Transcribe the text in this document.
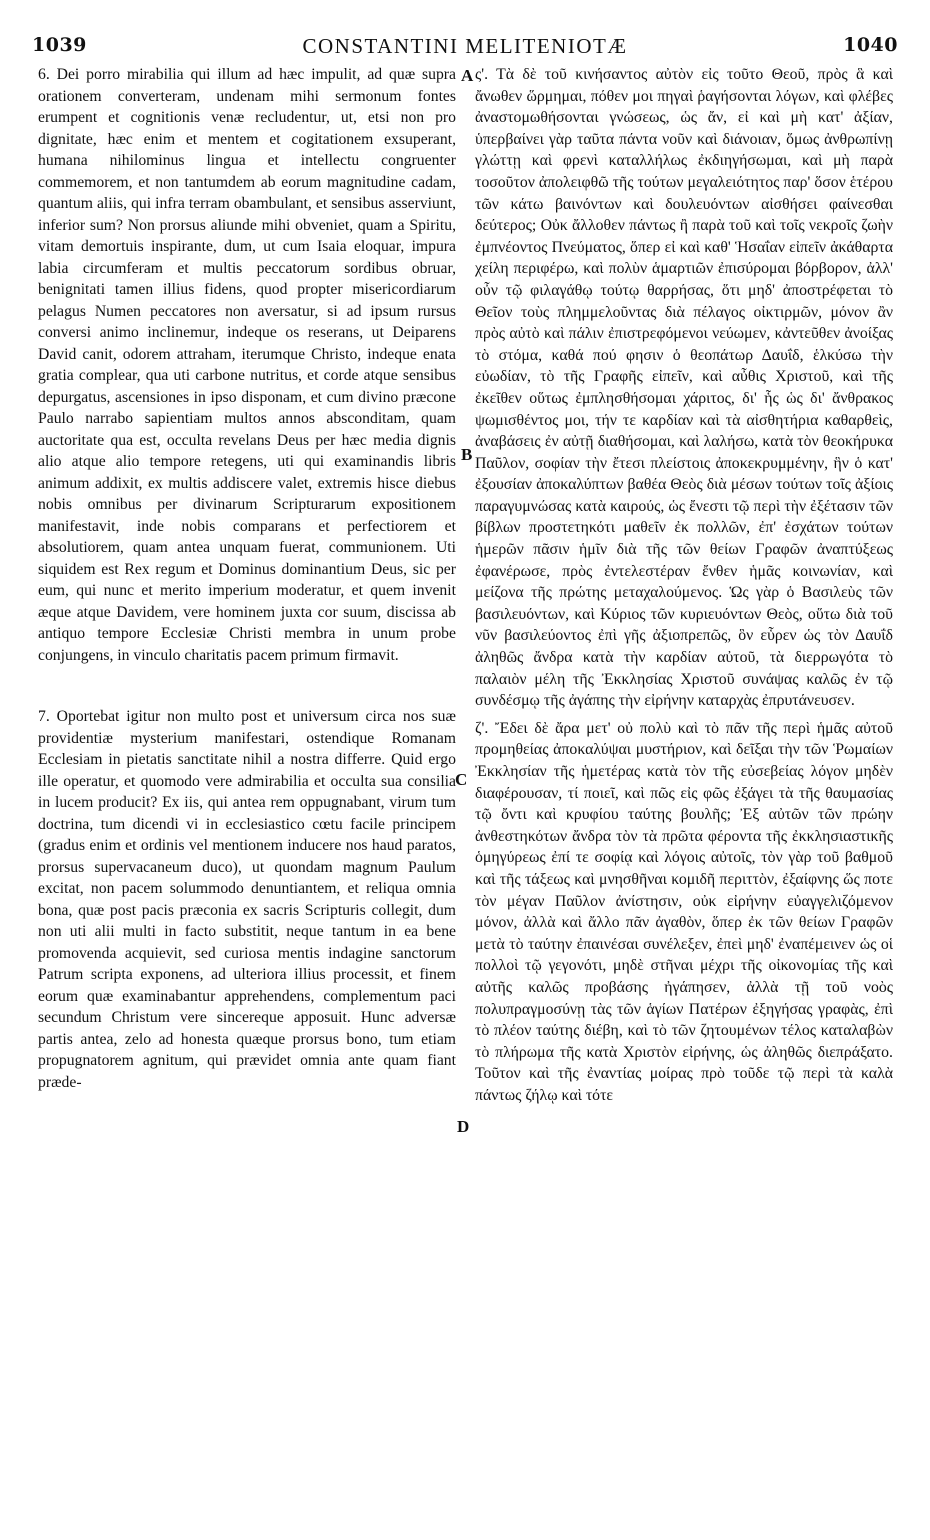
1039	CONSTANTINI MELITENIOTÆ	1040

6. Dei porro mirabilia qui illum ad hæc impulit, ad quæ supra orationem converteram, undenam mihi sermonum fontes erumpent et cognitionis venæ recludentur, ut, etsi non pro dignitate, hæc enim et mentem et cogitationem exsuperant, humana nihilominus lingua et intellectu congruenter commemorem, et non tantumdem ab eorum magnitudine cadam, quantum aliis, qui infra terram obambulant, et sensibus asserviunt, inferior sum? Non prorsus aliunde mihi obveniet, quam a Spiritu, vitam demortuis inspirante, dum, ut cum Isaia eloquar, impura labia circumferam et multis peccatorum sordibus obruar, benignitati tamen illius fidens, quod propter misericordiarum pelagus Numen peccatores non aversatur, si ad ipsum rursus conversi animo inclinemur, indeque os reserans, ut Deiparens David canit, odorem attraham, iterumque Christo, indeque enata gratia complear, qua uti carbone nutritus, et corde atque sensibus depurgatus, ascensiones in ipso disponam, et cum divino præcone Paulo narrabo sapientiam multos annos absconditam, quam auctoritate qua est, occulta revelans Deus per hæc media dignis alio atque alio tempore retegens, uti qui examinandis libris animum addixit, ex multis addiscere valet, extremis hisce diebus nobis omnibus per divinarum Scripturarum expositionem manifestavit, inde nobis comparans et perfectiorem et absolutiorem, quam antea unquam fuerat, communionem. Uti siquidem est Rex regum et Dominus dominantium Deus, sic per eum, qui nunc et merito imperium moderatur, et quem invenit æque atque Davidem, vere hominem juxta cor suum, discissa ab antiquo tempore Ecclesiæ Christi membra in unum probe conjungens, in vinculo charitatis pacem primum firmavit.

7. Oportebat igitur non multo post et universum circa nos suæ providentiæ mysterium manifestari, ostendique Romanam Ecclesiam in pietatis sanctitate nihil a nostra differre. Quid ergo ille operatur, et quomodo vere admirabilia et occulta sua consilia in lucem producit? Ex iis, qui antea rem oppugnabant, virum tum doctrina, tum dicendi vi in ecclesiastico cœtu facile principem (gradus enim et ordinis vel mentionem inducere nos haud paratos, prorsus supervacaneum duco), ut quondam magnum Paulum excitat, non pacem solummodo denuntiantem, et reliqua omnia bona, quæ post pacis præconia ex sacris Scripturis collegit, dum non uti alii multi in facto substitit, neque tantum in ea bene promovenda acquievit, sed curiosa mentis indagine sanctorum Patrum scripta exponens, ad ulteriora illius processit, et finem eorum quæ examinabantur apprehendens, complementum paci secundum Christum vere sincereque apposuit. Hunc adversæ partis antea, zelo ad honesta quæque prorsus bono, tum etiam propugnatorem agnitum, qui prævidet omnia ante quam fiant præde-

A
B
C
D

ς'. Τὰ δὲ τοῦ κινήσαντος αὐτὸν εἰς τοῦτο Θεοῦ, πρὸς ἃ καὶ ἄνωθεν ὥρμημαι, πόθεν μοι πηγαὶ ῥαγήσονται λόγων, καὶ φλέβες ἀναστομωθήσονται γνώσεως, ὡς ἄν, εἰ καὶ μὴ κατ' ἀξίαν, ὑπερβαίνει γὰρ ταῦτα πάντα νοῦν καὶ διάνοιαν, ὅμως ἀνθρωπίνῃ γλώττῃ καὶ φρενὶ καταλλήλως ἐκδιηγήσωμαι, καὶ μὴ παρὰ τοσοῦτον ἀπολειφθῶ τῆς τούτων μεγαλειότητος παρ' ὅσον ἑτέρου τῶν κάτω βαινόντων καὶ δουλευόντων αἰσθήσει φαίνεσθαι δεύτερος; Οὐκ ἄλλοθεν πάντως ἢ παρὰ τοῦ καὶ τοῖς νεκροῖς ζωὴν ἐμπνέοντος Πνεύματος, ὅπερ εἰ καὶ καθ' Ἡσαΐαν εἰπεῖν ἀκάθαρτα χείλη περιφέρω, καὶ πολὺν ἁμαρτιῶν ἐπισύρομαι βόρβορον, ἀλλ' οὖν τῷ φιλαγάθῳ τούτῳ θαρρήσας, ὅτι μηδ' ἀποστρέφεται τὸ Θεῖον τοὺς πλημμελοῦντας διὰ πέλαγος οἰκτιρμῶν, μόνον ἂν πρὸς αὐτὸ καὶ πάλιν ἐπιστρεφόμενοι νεύωμεν, κἀντεῦθεν ἀνοίξας τὸ στόμα, καθά πού φησιν ὁ θεοπάτωρ Δαυΐδ, ἑλκύσω τὴν εὐωδίαν, τὸ τῆς Γραφῆς εἰπεῖν, καὶ αὖθις Χριστοῦ, καὶ τῆς ἐκεῖθεν οὕτως ἐμπλησθήσομαι χάριτος, δι' ἧς ὡς δι' ἄνθρακος ψωμισθέντος μοι, τήν τε καρδίαν καὶ τὰ αἰσθητήρια καθαρθεὶς, ἀναβάσεις ἐν αὐτῇ διαθήσομαι, καὶ λαλήσω, κατὰ τὸν θεοκήρυκα Παῦλον, σοφίαν τὴν ἔτεσι πλείστοις ἀποκεκρυμμένην, ἣν ὁ κατ' ἐξουσίαν ἀποκαλύπτων βαθέα Θεὸς διὰ μέσων τούτων τοῖς ἀξίοις παραγυμνώσας κατὰ καιρούς, ὡς ἔνεστι τῷ περὶ τὴν ἐξέτασιν τῶν βίβλων προστετηκότι μαθεῖν ἐκ πολλῶν, ἐπ' ἐσχάτων τούτων ἡμερῶν πᾶσιν ἡμῖν διὰ τῆς τῶν θείων Γραφῶν ἀναπτύξεως ἐφανέρωσε, πρὸς ἐντελεστέραν ἔνθεν ἡμᾶς κοινωνίαν, καὶ μείζονα τῆς πρώτης μεταχαλούμενος. Ὡς γὰρ ὁ Βασιλεὺς τῶν βασιλευόντων, καὶ Κύριος τῶν κυριευόντων Θεὸς, οὕτω διὰ τοῦ νῦν βασιλεύοντος ἐπὶ γῆς ἀξιοπρεπῶς, ὃν εὗρεν ὡς τὸν Δαυΐδ ἀληθῶς ἄνδρα κατὰ τὴν καρδίαν αὐτοῦ, τὰ διερρωγότα τὸ παλαιὸν μέλη τῆς Ἐκκλησίας Χριστοῦ συνάψας καλῶς ἐν τῷ συνδέσμῳ τῆς ἀγάπης τὴν εἰρήνην καταρχὰς ἐπρυτάνευσεν.

ζ'. Ἔδει δὲ ἄρα μετ' οὐ πολὺ καὶ τὸ πᾶν τῆς περὶ ἡμᾶς αὐτοῦ προμηθείας ἀποκαλύψαι μυστήριον, καὶ δεῖξαι τὴν τῶν Ῥωμαίων Ἐκκλησίαν τῆς ἡμετέρας κατὰ τὸν τῆς εὐσεβείας λόγον μηδὲν διαφέρουσαν, τί ποιεῖ, καὶ πῶς εἰς φῶς ἐξάγει τὰ τῆς θαυμασίας τῷ ὄντι καὶ κρυφίου ταύτης βουλῆς; Ἐξ αὐτῶν τῶν πρώην ἀνθεστηκότων ἄνδρα τὸν τὰ πρῶτα φέροντα τῆς ἐκκλησιαστικῆς ὁμηγύρεως ἐπί τε σοφίᾳ καὶ λόγοις αὐτοῖς, τὸν γὰρ τοῦ βαθμοῦ καὶ τῆς τάξεως καὶ μνησθῆναι κομιδῆ περιττὸν, ἐξαίφνης ὥς ποτε τὸν μέγαν Παῦλον ἀνίστησιν, οὐκ εἰρήνην εὐαγγελιζόμενον μόνον, ἀλλὰ καὶ ἄλλο πᾶν ἀγαθὸν, ὅπερ ἐκ τῶν θείων Γραφῶν μετὰ τὸ ταύτην ἐπαινέσαι συνέλεξεν, ἐπεὶ μηδ' ἐναπέμεινεν ὡς οἱ πολλοὶ τῷ γεγονότι, μηδὲ στῆναι μέχρι τῆς οἰκονομίας τῆς καὶ αὐτῆς καλῶς προβάσης ἠγάπησεν, ἀλλὰ τῇ τοῦ νοὸς πολυπραγμοσύνῃ τὰς τῶν ἁγίων Πατέρων ἐξηγήσας γραφὰς, ἐπὶ τὸ πλέον ταύτης διέβη, καὶ τὸ τῶν ζητουμένων τέλος καταλαβὼν τὸ πλήρωμα τῆς κατὰ Χριστὸν εἰρήνης, ὡς ἀληθῶς διεπράξατο. Τοῦτον καὶ τῆς ἐναντίας μοίρας πρὸ τοῦδε τῷ περὶ τὰ καλὰ πάντως ζήλῳ καὶ τότε
